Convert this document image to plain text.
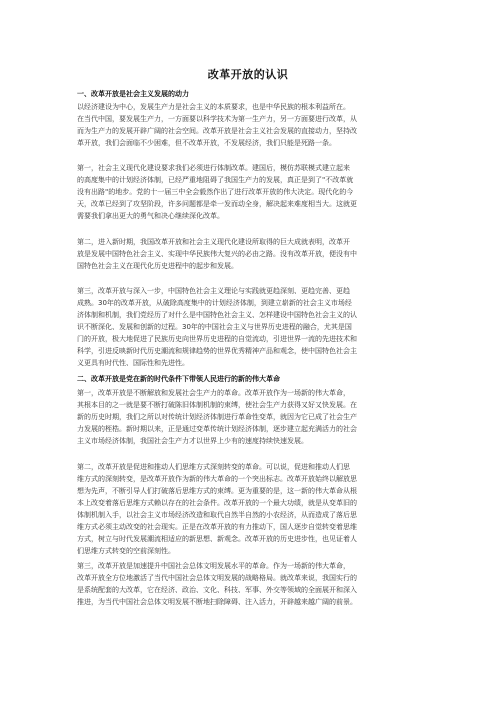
改革开放的认识
一、改革开放是社会主义发展的动力
以经济建设为中心，发展生产力是社会主义的本质要求，也是中华民族的根本利益所在。
在当代中国，要发展生产力，一方面要以科学技术为第一生产力，另一方面要进行改革，从
而为生产力的发展开辟广阔的社会空间。改革开放是社会主义社会发展的直接动力，坚持改
革开放，我们会面临不少困难，但不改革开放，不发展经济，我们只能是死路一条。
第一，社会主义现代化建设要求我们必须进行体制改革。建国后，模仿苏联模式建立起来
的高度集中的计划经济体制，已经严重地阻碍了我国生产力的发展，真正是到了"不改革就
没有出路"的地步。党的十一届三中全会毅然作出了进行改革开放的伟大决定。现代化的今
天，改革已经到了攻坚阶段，许多问题都是牵一发而动全身，解决起来难度相当大。这就更
需要我们拿出更大的勇气和决心继续深化改革。
第二，进入新时期，我国改革开放和社会主义现代化建设所取得的巨大成就表明，改革开
放是发展中国特色社会主义、实现中华民族伟大复兴的必由之路。没有改革开放，便没有中
国特色社会主义在现代化历史进程中的起步和发展。
第三，改革开放与深入一步，中国特色社会主义理论与实践就更趋深刻、更趋完善、更趋
成熟。30年的改革开放，从破除高度集中的计划经济体制，到建立崭新的社会主义市场经
济体制和机制，我们党经历了对什么是中国特色社会主义、怎样建设中国特色社会主义的认
识不断深化、发展和创新的过程。30年的中国社会主义与世界历史进程的融合，尤其是国
门的开放，极大地促进了民族历史向世界历史进程的自觉流动，引进世界一流的先进技术和
科学，引进反映新时代历史潮流和规律趋势的世界优秀精神产品和观念，使中国特色社会主
义更具有时代性、国际性和先进性。
二、改革开放是党在新的时代条件下带领人民进行的新的伟大革命
第一，改革开放是不断解放和发展社会生产力的革命。改革开放作为一场新的伟大革命，
其根本目的之一就是要不断打破陈旧体制机制的束缚，使社会生产力获得又好又快发展。在
新的历史时期，我们之所以对传统计划经济体制进行革命性变革，就因为它已成了社会生产
力发展的桎梏。新时期以来，正是通过变革传统计划经济体制，逐步建立起充满活力的社会
主义市场经济体制，我国社会生产力才以世界上少有的速度持续快速发展。
第二，改革开放是促进和推动人们思维方式深刻转变的革命。可以说，促进和推动人们思
维方式的深刻转变，是改革开放作为新的伟大革命的一个突出标志。改革开放始终以解放思
想为先声，不断引导人们打破落后思维方式的束缚。更为重要的是，这一新的伟大革命从根
本上改变着落后思维方式赖以存在的社会条件。改革开放的一个最大功绩，就是从变革旧的
体制机制入手，以社会主义市场经济改造和取代自然半自然的小农经济，从而造成了落后思
维方式必须主动改变的社会现实。正是在改革开放的有力推动下，国人逐步自觉转变着思维
方式，树立与时代发展潮流相适应的新思想、新观念。改革开放的历史进步性，也见证着人
们思维方式转变的空前深刻性。
第三，改革开放是加速提升中国社会总体文明发展水平的革命。作为一场新的伟大革命，
改革开放全方位地激活了当代中国社会总体文明发展的战略格局。就改革来说，我国实行的
是系统配套的大改革，它在经济、政治、文化、科技、军事、外交等领域的全面展开和深入
推进，为当代中国社会总体文明发展不断地扫除障碍、注入活力，开辟越来越广阔的前景。
